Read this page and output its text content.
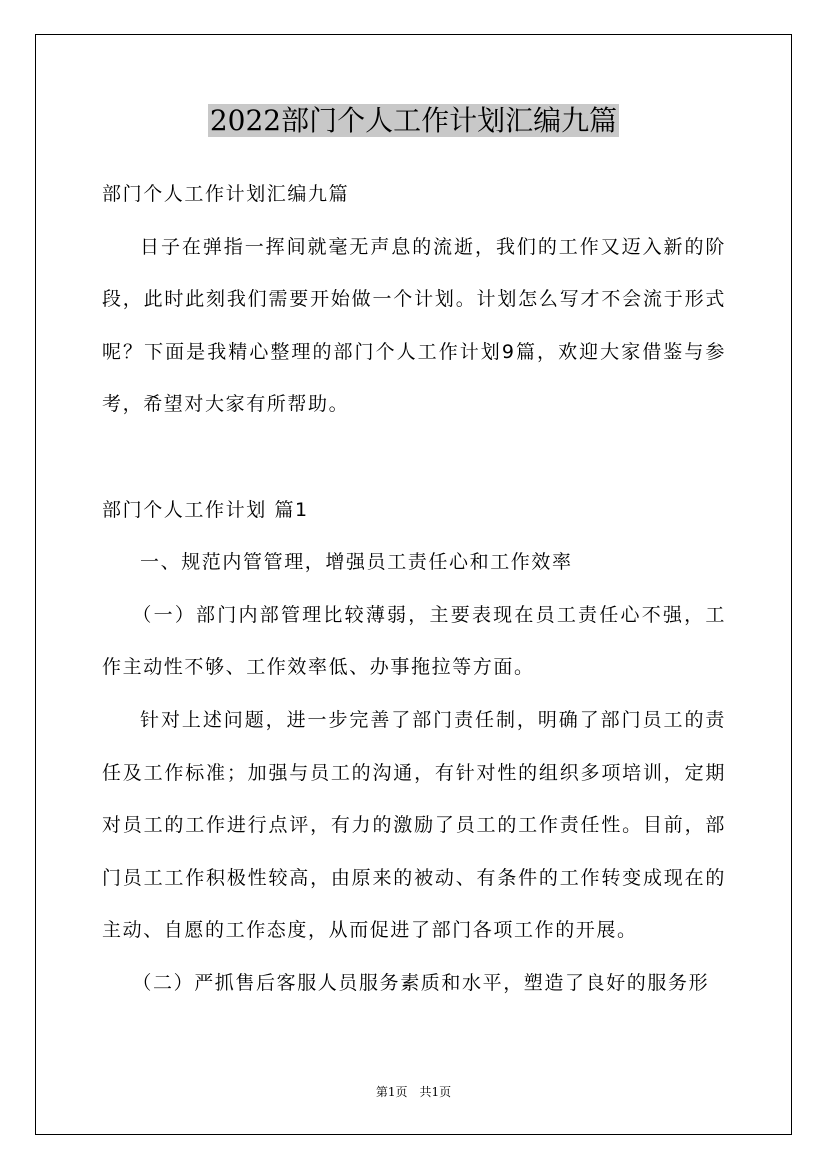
2022部门个人工作计划汇编九篇

部门个人工作计划汇编九篇

日子在弹指一挥间就毫无声息的流逝，我们的工作又迈入新的阶段，此时此刻我们需要开始做一个计划。计划怎么写才不会流于形式呢？下面是我精心整理的部门个人工作计划9篇，欢迎大家借鉴与参考，希望对大家有所帮助。

部门个人工作计划 篇1

一、规范内管管理，增强员工责任心和工作效率

（一）部门内部管理比较薄弱，主要表现在员工责任心不强，工作主动性不够、工作效率低、办事拖拉等方面。

针对上述问题，进一步完善了部门责任制，明确了部门员工的责任及工作标准；加强与员工的沟通，有针对性的组织多项培训，定期对员工的工作进行点评，有力的激励了员工的工作责任性。目前，部门员工工作积极性较高，由原来的被动、有条件的工作转变成现在的主动、自愿的工作态度，从而促进了部门各项工作的开展。

（二）严抓售后客服人员服务素质和水平，塑造了良好的服务形

第1页　共1页
